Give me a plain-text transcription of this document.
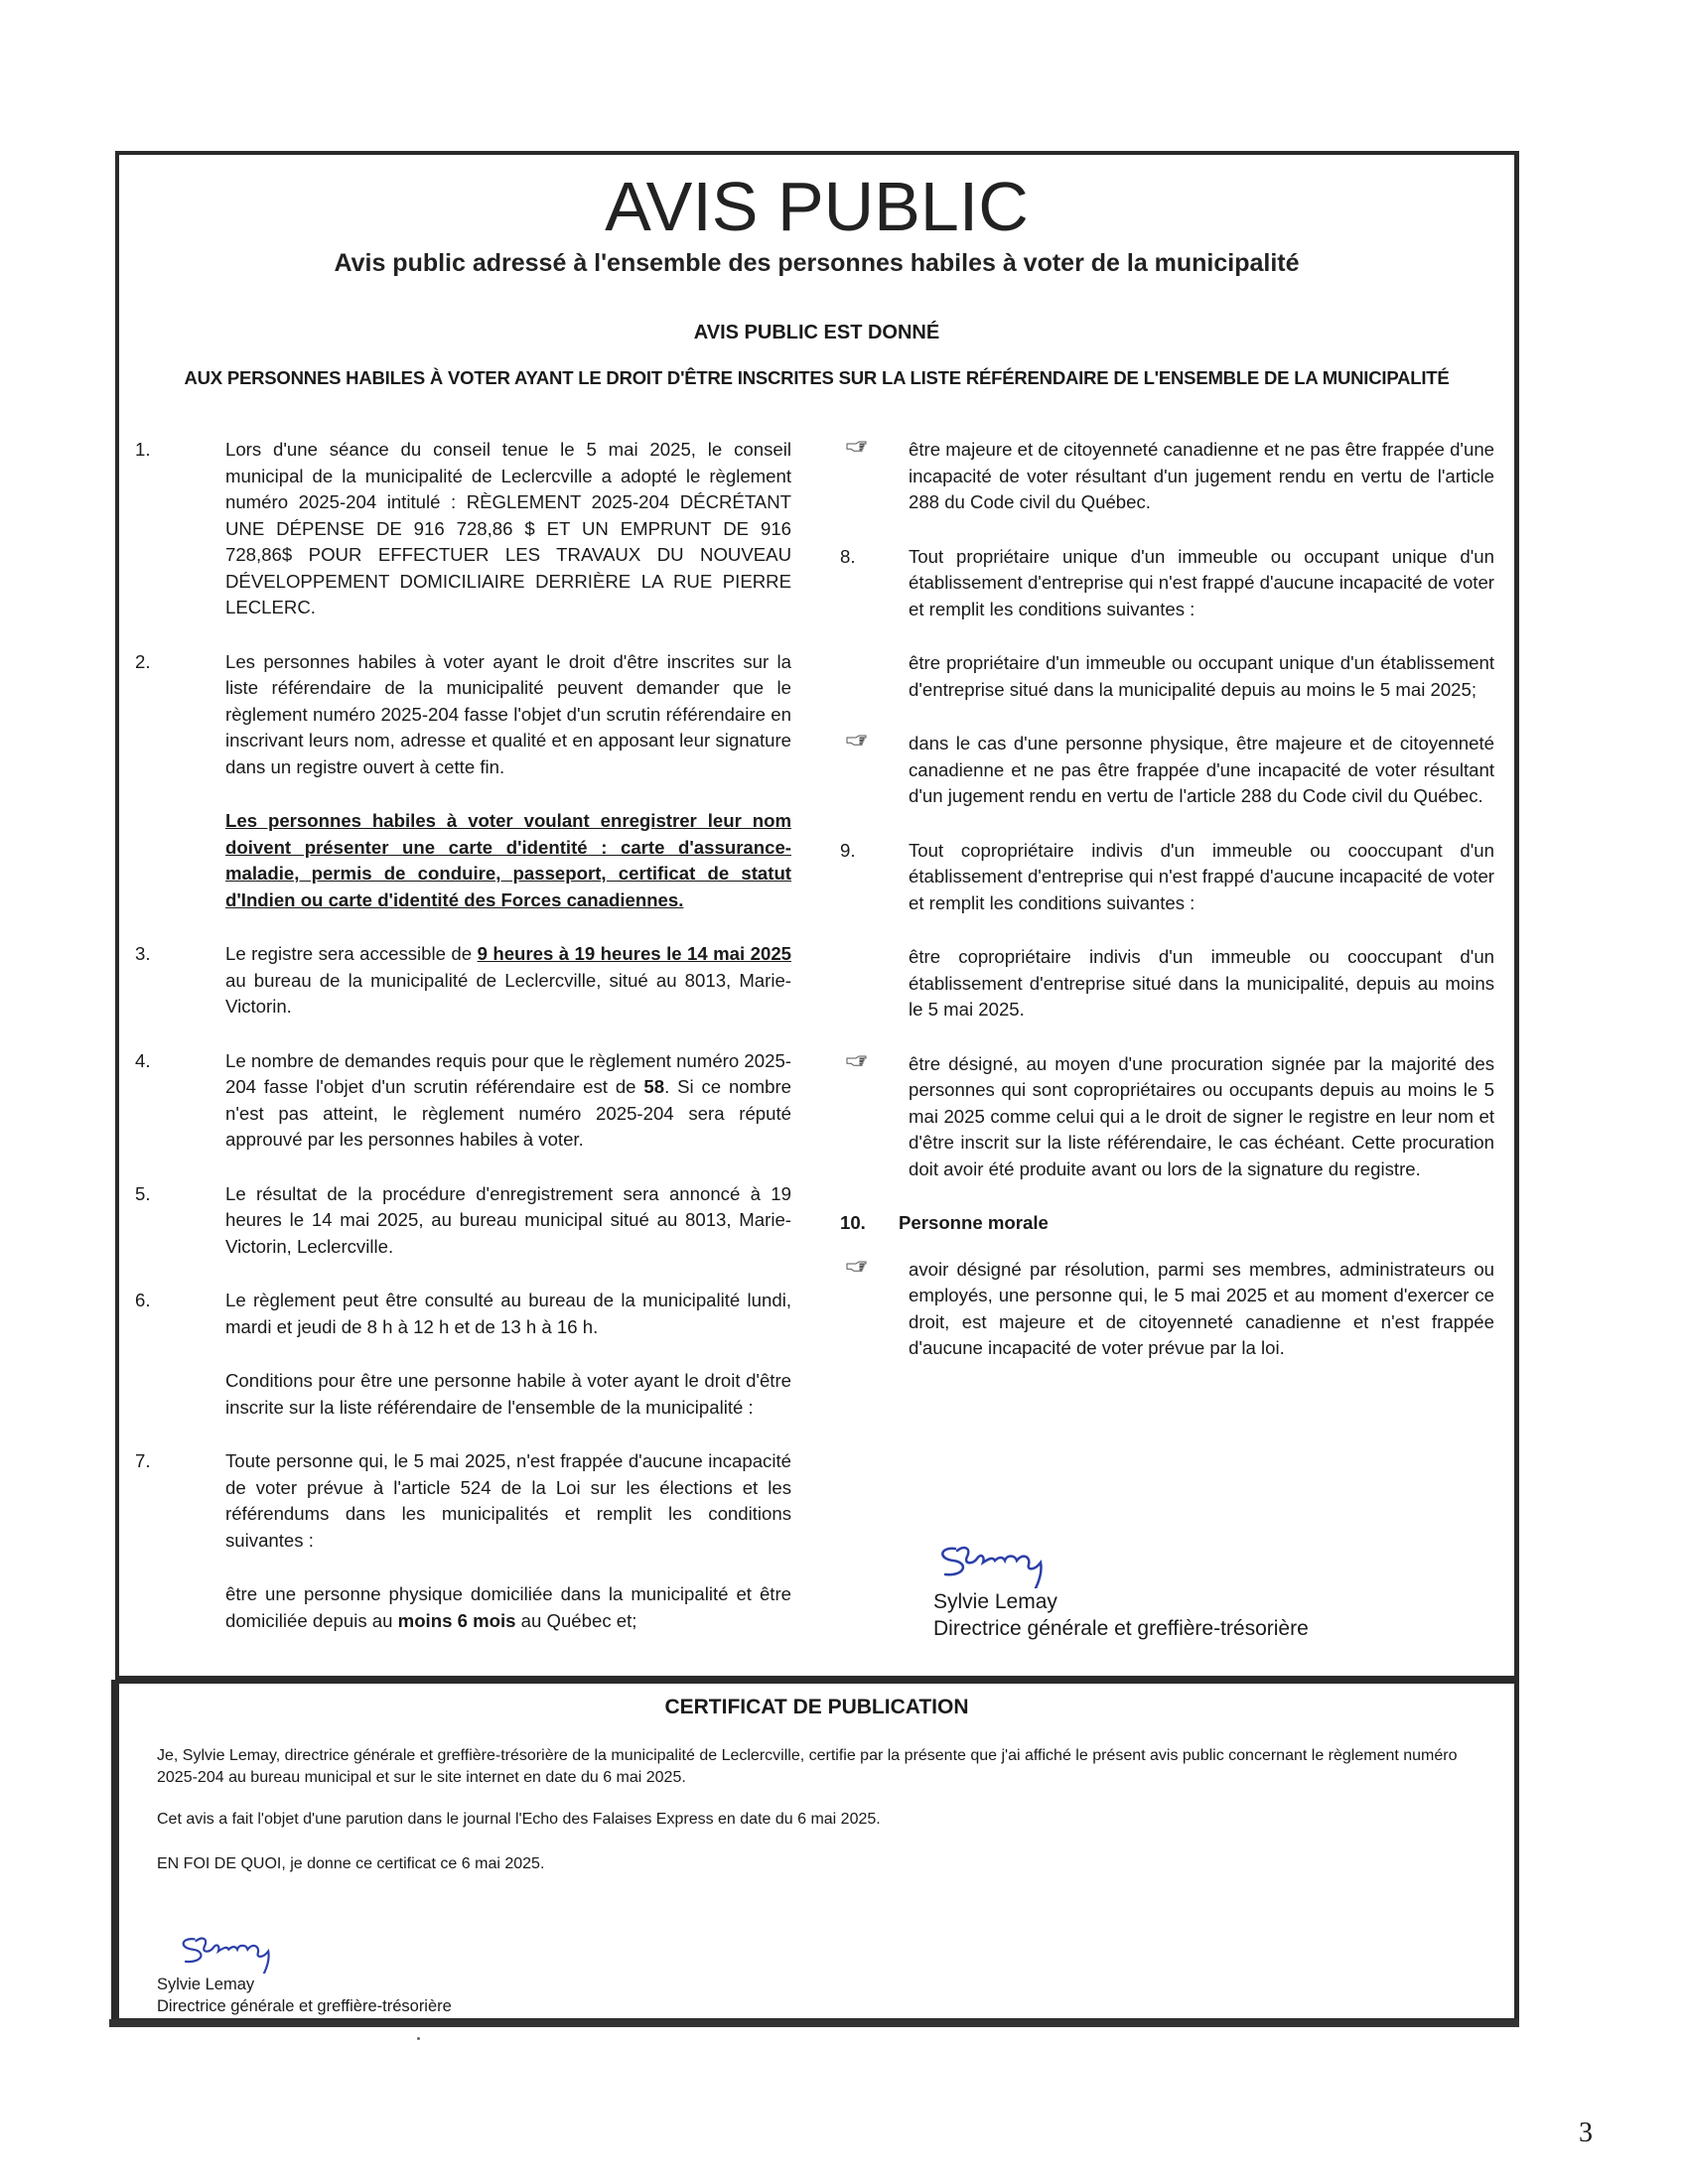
AVIS PUBLIC
Avis public adressé à l'ensemble des personnes habiles à voter de la municipalité
AVIS PUBLIC EST DONNÉ
AUX PERSONNES HABILES À VOTER AYANT LE DROIT D'ÊTRE INSCRITES SUR LA LISTE RÉFÉRENDAIRE DE L'ENSEMBLE DE LA MUNICIPALITÉ
1.	Lors d'une séance du conseil tenue le 5 mai 2025, le conseil municipal de la municipalité de Leclercville a adopté le règlement numéro 2025-204 intitulé : RÈGLEMENT 2025-204 DÉCRÉTANT UNE DÉPENSE DE 916 728,86 $ ET UN EMPRUNT DE 916 728,86$ POUR EFFECTUER LES TRAVAUX DU NOUVEAU DÉVELOPPEMENT DOMICILIAIRE DERRIÈRE LA RUE PIERRE LECLERC.
2.	Les personnes habiles à voter ayant le droit d'être inscrites sur la liste référendaire de la municipalité peuvent demander que le règlement numéro 2025-204 fasse l'objet d'un scrutin référendaire en inscrivant leurs nom, adresse et qualité et en apposant leur signature dans un registre ouvert à cette fin.
Les personnes habiles à voter voulant enregistrer leur nom doivent présenter une carte d'identité : carte d'assurance-maladie, permis de conduire, passeport, certificat de statut d'Indien ou carte d'identité des Forces canadiennes.
3.	Le registre sera accessible de 9 heures à 19 heures le 14 mai 2025 au bureau de la municipalité de Leclercville, situé au 8013, Marie-Victorin.
4.	Le nombre de demandes requis pour que le règlement numéro 2025-204 fasse l'objet d'un scrutin référendaire est de 58. Si ce nombre n'est pas atteint, le règlement numéro 2025-204 sera réputé approuvé par les personnes habiles à voter.
5.	Le résultat de la procédure d'enregistrement sera annoncé à 19 heures le 14 mai 2025, au bureau municipal situé au 8013, Marie-Victorin, Leclercville.
6.	Le règlement peut être consulté au bureau de la municipalité lundi, mardi et jeudi de 8 h à 12 h et de 13 h à 16 h.
Conditions pour être une personne habile à voter ayant le droit d'être inscrite sur la liste référendaire de l'ensemble de la municipalité :
7.	Toute personne qui, le 5 mai 2025, n'est frappée d'aucune incapacité de voter prévue à l'article 524 de la Loi sur les élections et les référendums dans les municipalités et remplit les conditions suivantes :
être une personne physique domiciliée dans la municipalité et être domiciliée depuis au moins 6 mois au Québec et;
être majeure et de citoyenneté canadienne et ne pas être frappée d'une incapacité de voter résultant d'un jugement rendu en vertu de l'article 288 du Code civil du Québec.
8.	Tout propriétaire unique d'un immeuble ou occupant unique d'un établissement d'entreprise qui n'est frappé d'aucune incapacité de voter et remplit les conditions suivantes :
être propriétaire d'un immeuble ou occupant unique d'un établissement d'entreprise situé dans la municipalité depuis au moins le 5 mai 2025;
dans le cas d'une personne physique, être majeure et de citoyenneté canadienne et ne pas être frappée d'une incapacité de voter résultant d'un jugement rendu en vertu de l'article 288 du Code civil du Québec.
9.	Tout copropriétaire indivis d'un immeuble ou cooccupant d'un établissement d'entreprise qui n'est frappé d'aucune incapacité de voter et remplit les conditions suivantes :
être copropriétaire indivis d'un immeuble ou cooccupant d'un établissement d'entreprise situé dans la municipalité, depuis au moins le 5 mai 2025.
être désigné, au moyen d'une procuration signée par la majorité des personnes qui sont copropriétaires ou occupants depuis au moins le 5 mai 2025 comme celui qui a le droit de signer le registre en leur nom et d'être inscrit sur la liste référendaire, le cas échéant. Cette procuration doit avoir été produite avant ou lors de la signature du registre.
10.	Personne morale
avoir désigné par résolution, parmi ses membres, administrateurs ou employés, une personne qui, le 5 mai 2025 et au moment d'exercer ce droit, est majeure et de citoyenneté canadienne et n'est frappée d'aucune incapacité de voter prévue par la loi.
Sylvie Lemay
Directrice générale et greffière-trésorière
CERTIFICAT DE PUBLICATION
Je, Sylvie Lemay, directrice générale et greffière-trésorière de la municipalité de Leclercville, certifie par la présente que j'ai affiché le présent avis public concernant le règlement numéro 2025-204 au bureau municipal et sur le site internet en date du 6 mai 2025.
Cet avis a fait l'objet d'une parution dans le journal l'Echo des Falaises Express en date du 6 mai 2025.
EN FOI DE QUOI, je donne ce certificat ce 6 mai 2025.
Sylvie Lemay
Directrice générale et greffière-trésorière
3
